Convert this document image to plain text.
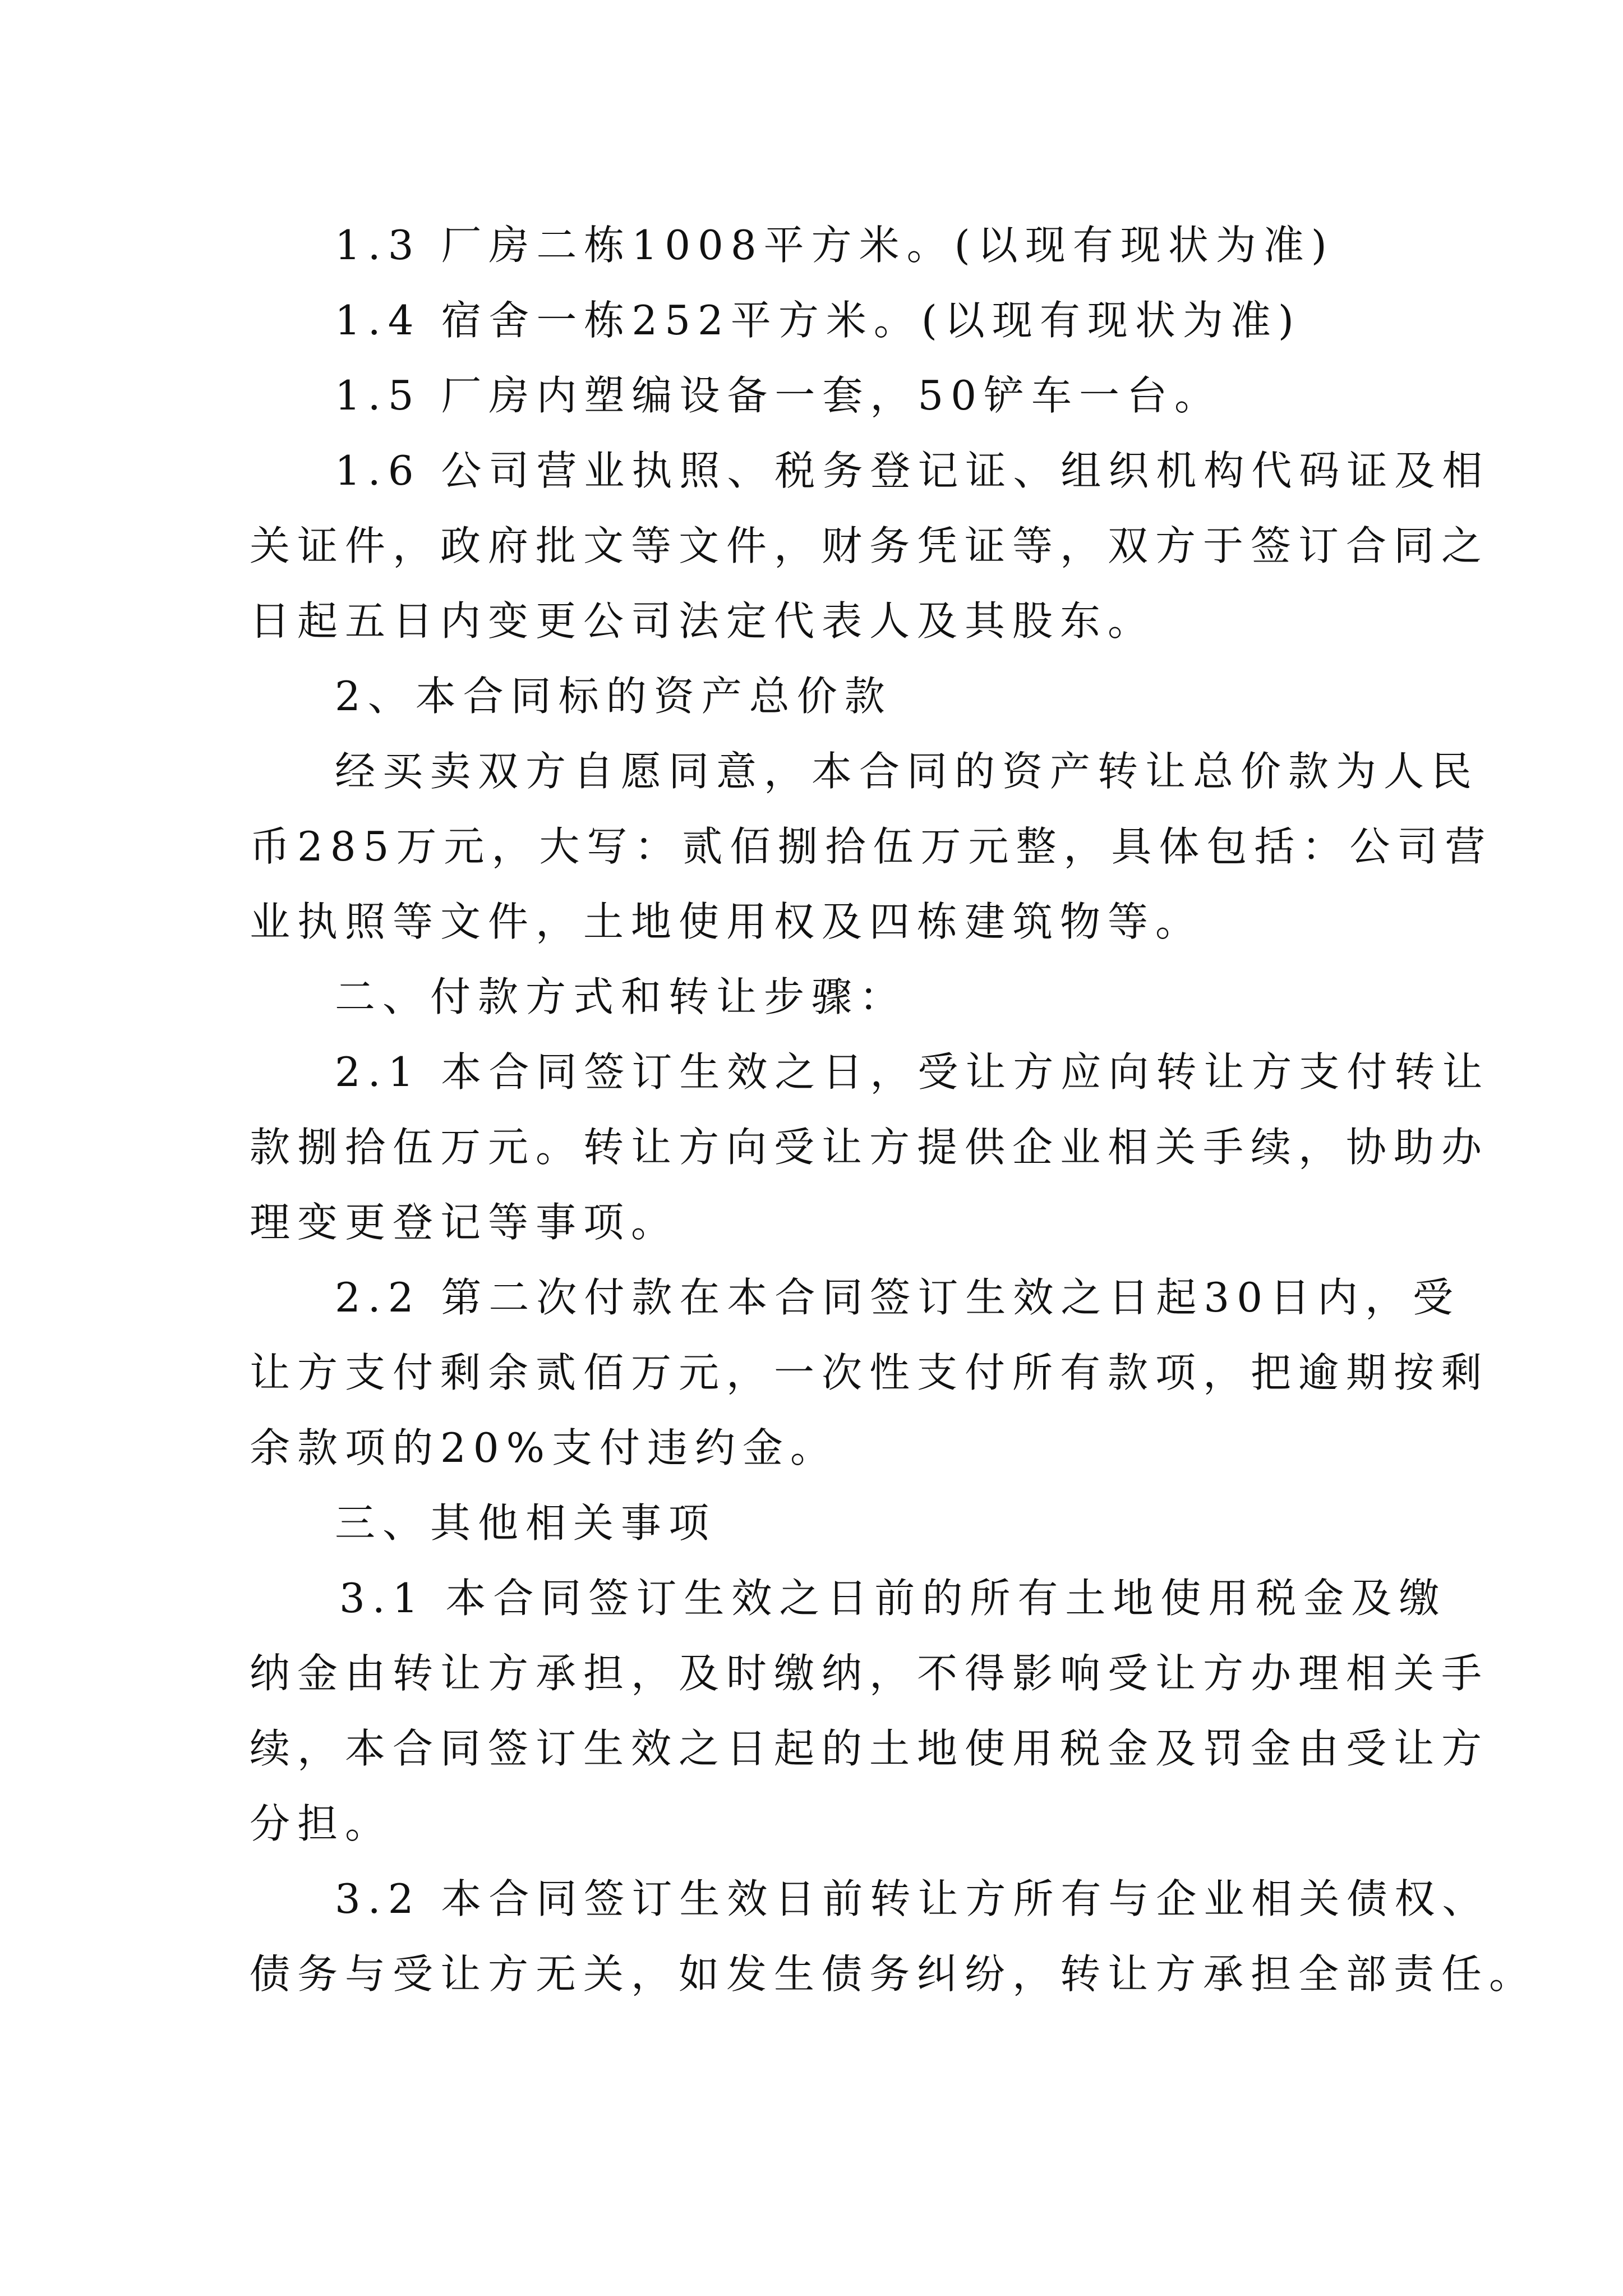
1.3 厂房二栋1008平方米。(以现有现状为准)

1.4 宿舍一栋252平方米。(以现有现状为准)

1.5 厂房内塑编设备一套，50铲车一台。

1.6 公司营业执照、税务登记证、组织机构代码证及相

关证件，政府批文等文件，财务凭证等，双方于签订合同之

日起五日内变更公司法定代表人及其股东。

2、本合同标的资产总价款

经买卖双方自愿同意，本合同的资产转让总价款为人民

币285万元，大写：贰佰捌拾伍万元整，具体包括：公司营

业执照等文件，土地使用权及四栋建筑物等。

二、付款方式和转让步骤：

2.1 本合同签订生效之日，受让方应向转让方支付转让

款捌拾伍万元。转让方向受让方提供企业相关手续，协助办

理变更登记等事项。

2.2 第二次付款在本合同签订生效之日起30日内，受

让方支付剩余贰佰万元，一次性支付所有款项，把逾期按剩

余款项的20%支付违约金。

三、其他相关事项

3.1 本合同签订生效之日前的所有土地使用税金及缴

纳金由转让方承担，及时缴纳，不得影响受让方办理相关手

续，本合同签订生效之日起的土地使用税金及罚金由受让方

分担。

3.2 本合同签订生效日前转让方所有与企业相关债权、

债务与受让方无关，如发生债务纠纷，转让方承担全部责任。
